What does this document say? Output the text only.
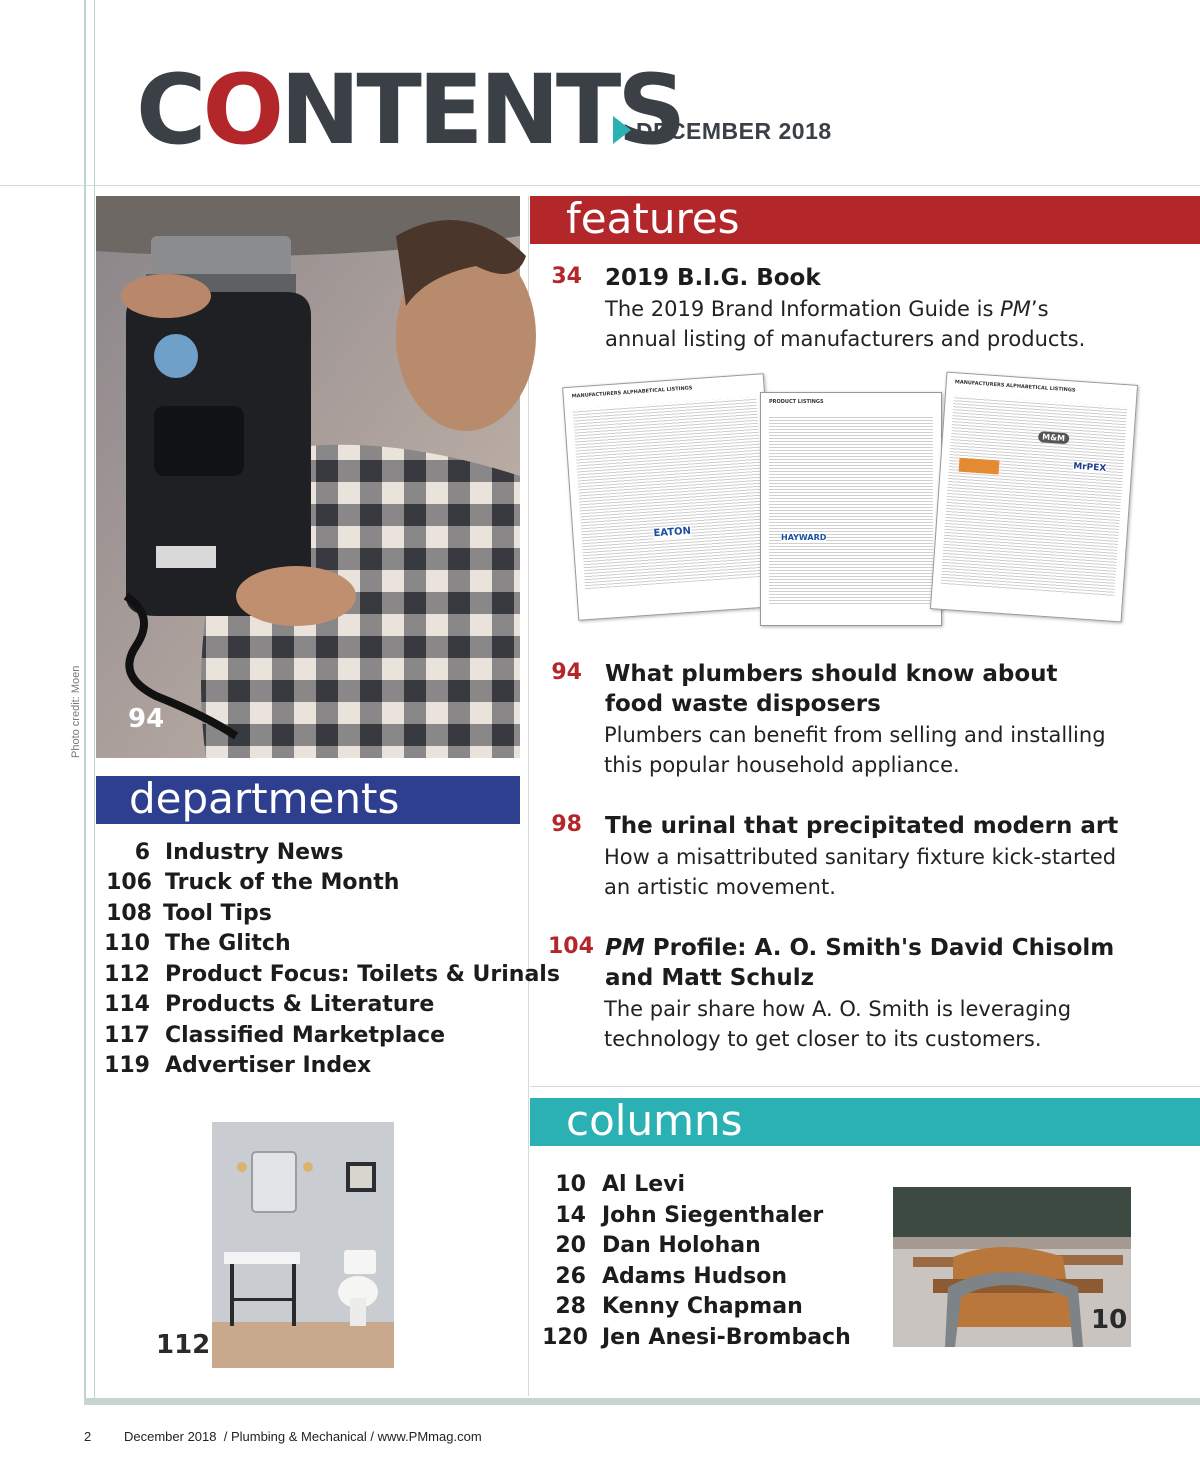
CONTENTS
DECEMBER 2018
94
Photo credit: Moen
departments
6 Industry News
106 Truck of the Month
108 Tool Tips
110 The Glitch
112 Product Focus: Toilets & Urinals
114 Products & Literature
117 Classified Marketplace
119 Advertiser Index
112
features
34 2019 B.I.G. Book
The 2019 Brand Information Guide is PM’s
annual listing of manufacturers and products.
MANUFACTURERS ALPHABETICAL LISTINGS
EATON
PRODUCT LISTINGS
HAYWARD
MANUFACTURERS ALPHABETICAL LISTINGS
M&M
MrPEX
94 What plumbers should know about
food waste disposers
Plumbers can benefit from selling and installing
this popular household appliance.
98 The urinal that precipitated modern art
How a misattributed sanitary fixture kick-started
an artistic movement.
104 PM Profile: A. O. Smith's David Chisolm
and Matt Schulz
The pair share how A. O. Smith is leveraging
technology to get closer to its customers.
columns
10 Al Levi
14 John Siegenthaler
20 Dan Holohan
26 Adams Hudson
28 Kenny Chapman
120 Jen Anesi-Brombach
10
2	December 2018  / Plumbing & Mechanical / www.PMmag.com
